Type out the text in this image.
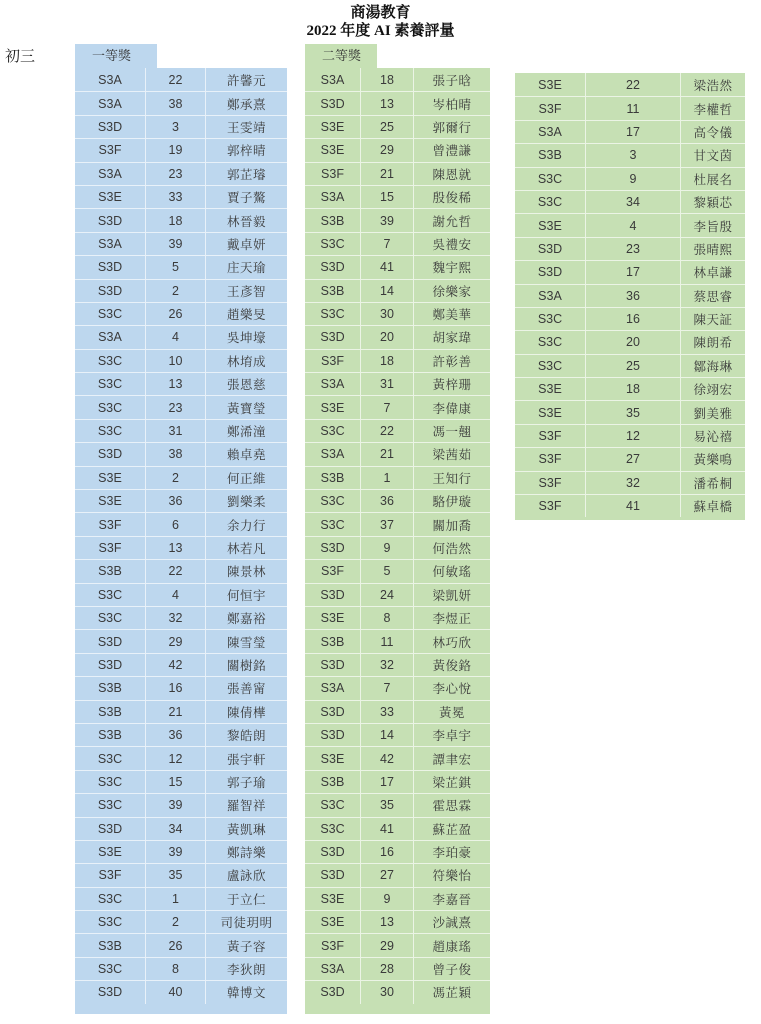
商湯教育
2022 年度 AI 素養評量
初三	一等獎
S3A	22	許馨元
S3A	38	鄭承熹
S3D	3	王雯靖
S3F	19	郭梓晴
S3A	23	郭芷璿
S3E	33	賈子驁
S3D	18	林晉毅
S3A	39	戴卓妍
S3D	5	庄天瑜
S3D	2	王彥智
S3C	26	趙樂旻
S3A	4	吳坤壕
S3C	10	林堉成
S3C	13	張恩慈
S3C	23	黃寶瑩
S3C	31	鄭浠潼
S3D	38	賴卓堯
S3E	2	何正維
S3E	36	劉樂柔
S3F	6	余力行
S3F	13	林若凡
S3B	22	陳景林
S3C	4	何恒宇
S3C	32	鄭嘉裕
S3D	29	陳雪瑩
S3D	42	關樹銘
S3B	16	張善甯
S3B	21	陳倩樺
S3B	36	黎皓朗
S3C	12	張宇軒
S3C	15	郭子瑜
S3C	39	羅智祥
S3D	34	黃凱琳
S3E	39	鄭詩樂
S3F	35	盧詠欣
S3C	1	于立仁
S3C	2	司徒玥明
S3B	26	黃子容
S3C	8	李狄朗
S3D	40	韓博文
二等獎
S3A	18	張子晗
S3D	13	岑柏晴
S3E	25	郭爾行
S3E	29	曾澧謙
S3F	21	陳恩就
S3A	15	殷俊稀
S3B	39	謝允哲
S3C	7	吳禮安
S3D	41	魏宇熙
S3B	14	徐樂家
S3C	30	鄭美華
S3D	20	胡家瑋
S3F	18	許彰善
S3A	31	黃梓珊
S3E	7	李偉康
S3C	22	馮一翹
S3A	21	梁茜茹
S3B	1	王知行
S3C	36	駱伊璇
S3C	37	關加喬
S3D	9	何浩然
S3F	5	何敏瑤
S3D	24	梁凱妍
S3E	8	李煜正
S3B	11	林巧欣
S3D	32	黃俊鉻
S3A	7	李心悅
S3D	33	黃冕
S3D	14	李卓宇
S3E	42	譚聿宏
S3B	17	梁芷錤
S3C	35	霍思霖
S3C	41	蘇芷盈
S3D	16	李珀豪
S3D	27	符樂怡
S3E	9	李嘉晉
S3E	13	沙誠熹
S3F	29	趙康瑤
S3A	28	曾子俊
S3D	30	馮芷穎
S3E	22	梁浩然
S3F	11	李權哲
S3A	17	高令儀
S3B	3	甘文茵
S3C	9	杜展名
S3C	34	黎穎芯
S3E	4	李旨殷
S3D	23	張晴熙
S3D	17	林卓謙
S3A	36	蔡思睿
S3C	16	陳天証
S3C	20	陳朗希
S3C	25	鄒海琳
S3E	18	徐翊宏
S3E	35	劉美雅
S3F	12	易沁禧
S3F	27	黃樂鳴
S3F	32	潘希桐
S3F	41	蘇卓橋
